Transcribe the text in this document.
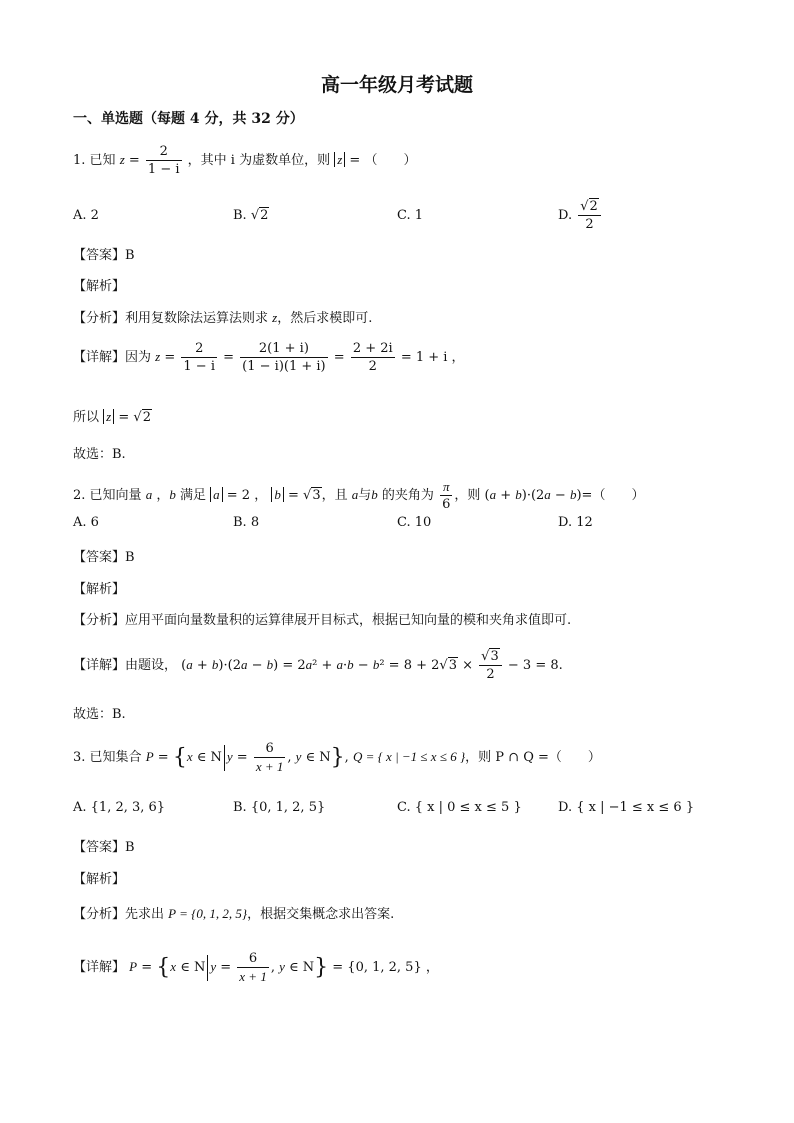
高一年级月考试题
一、单选题（每题 4 分，共 32 分）
1. 已知 $z = \frac{2}{1 - i}$ ，其中 i 为虚数单位，则 z = （　　）
A. 2	B. √2	C. 1	D. $\frac{√2}{2}$
【答案】B
【解析】
【分析】利用复数除法运算法则求 z，然后求模即可.
【详解】因为 $z = \frac{2}{1 - i} = \frac{2(1 + i)}{(1 - i)(1 + i)} = \frac{2 + 2i}{2} = 1 + i$ ，
所以 z = √2
故选：B.
2. 已知向量 a ，b 满足 a = 2 ， b = √3，且 a与b 的夹角为 $\frac{\pi}{6}$ ，则 (a + b)·(2a − b)=（　　）
A. 6	B. 8	C. 10	D. 12
【答案】B
【解析】
【分析】应用平面向量数量积的运算律展开目标式，根据已知向量的模和夹角求值即可.
【详解】由题设， $(a + b)\cdot(2a - b) = 2a^2 + a\cdot b - b^2 = 8 + 2√3 \times \frac{√3}{2} - 3 = 8$.
故选：B.
3. 已知集合 P = {x ∈ N $y = \frac{6}{x + 1}$ , y ∈ N}, Q = { x | −1 ≤ x ≤ 6 }，则 P ∩ Q =（　　）
A. {1, 2, 3, 6}	B. {0, 1, 2, 5}	C. { x | 0 ≤ x ≤ 5 }	D. { x | −1 ≤ x ≤ 6 }
【答案】B
【解析】
【分析】先求出 P = {0, 1, 2, 5}，根据交集概念求出答案.
【详解】 P = {x ∈ N $y = \frac{6}{x + 1}$ , y ∈ N} = {0, 1, 2, 5} ，
